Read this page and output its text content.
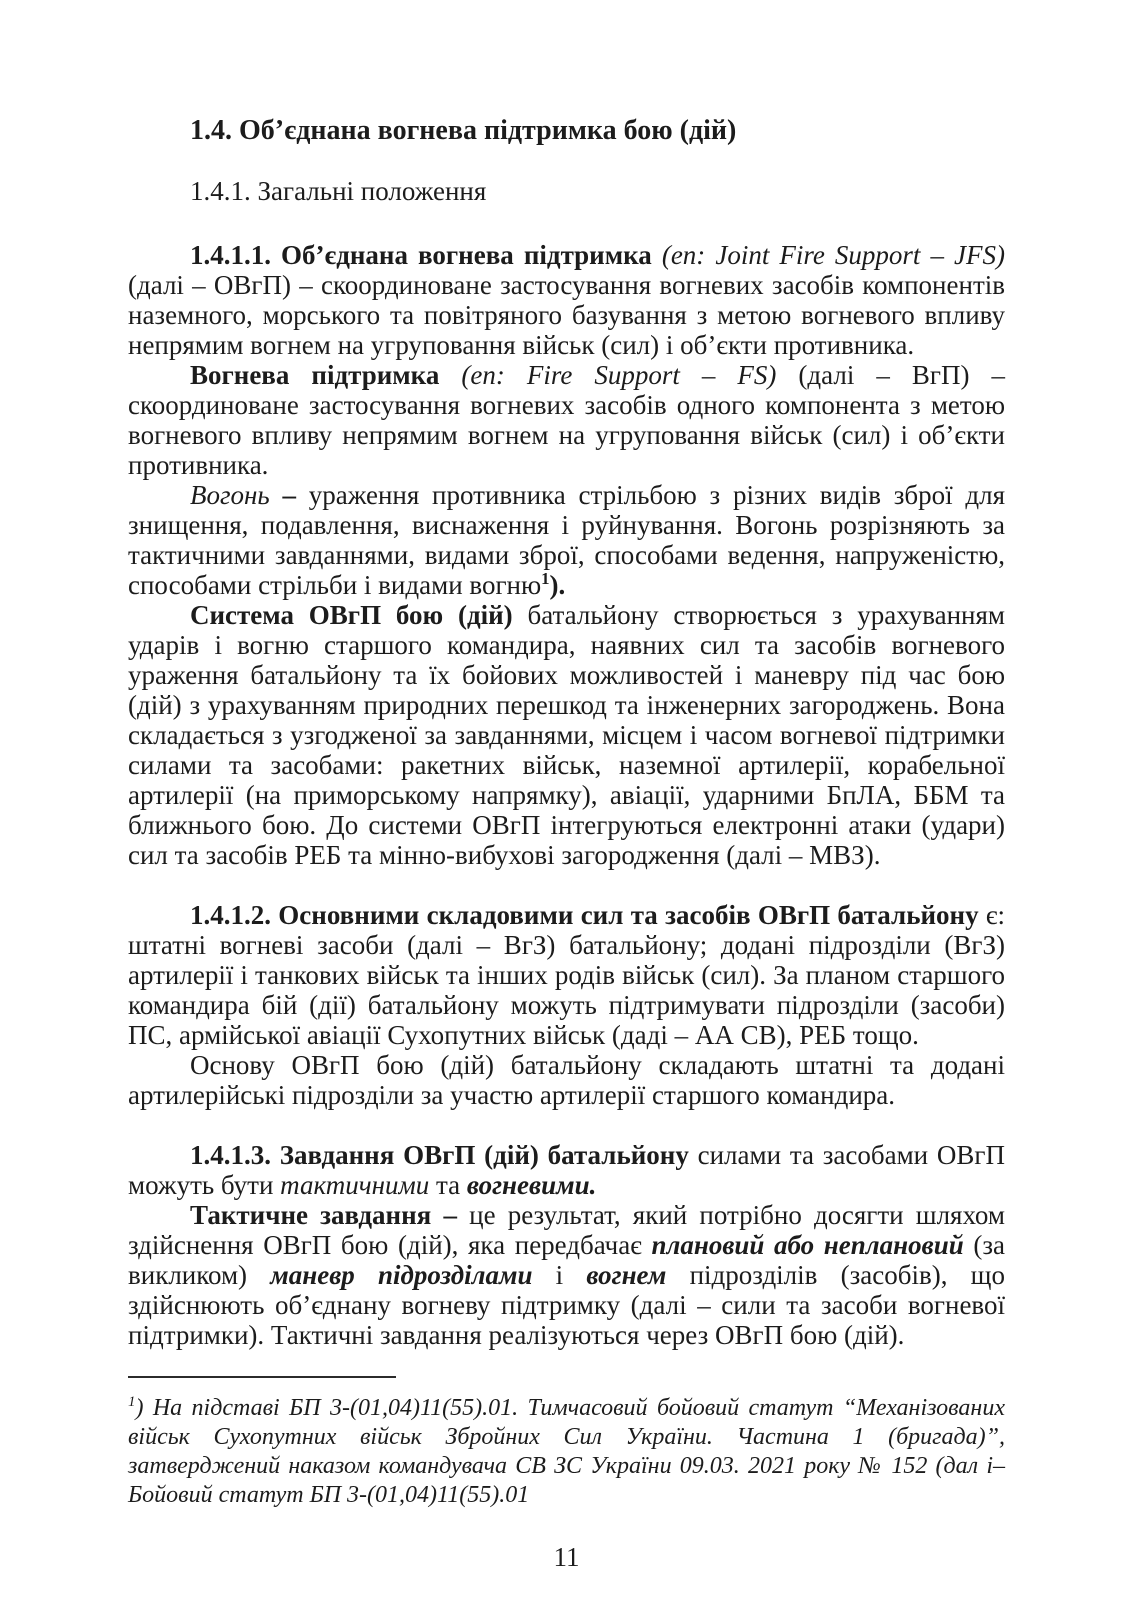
1.4. Об’єднана вогнева підтримка бою (дій)

1.4.1. Загальні положення

1.4.1.1. Об’єднана вогнева підтримка (en: Joint Fire Support – JFS) (далі – ОВгП) – скоординоване застосування вогневих засобів компонентів наземного, морського та повітряного базування з метою вогневого впливу непрямим вогнем на угруповання військ (сил) і об’єкти противника.

Вогнева підтримка (en: Fire Support – FS) (далі – ВгП) – скоординоване застосування вогневих засобів одного компонента з метою вогневого впливу непрямим вогнем на угруповання військ (сил) і об’єкти противника.

Вогонь – ураження противника стрільбою з різних видів зброї для знищення, подавлення, виснаження і руйнування. Вогонь розрізняють за тактичними завданнями, видами зброї, способами ведення, напруженістю, способами стрільби і видами вогню$^1$).

Система ОВгП бою (дій) батальйону створюється з урахуванням ударів і вогню старшого командира, наявних сил та засобів вогневого ураження батальйону та їх бойових можливостей і маневру під час бою (дій) з урахуванням природних перешкод та інженерних загороджень. Вона складається з узгодженої за завданнями, місцем і часом вогневої підтримки силами та засобами: ракетних військ, наземної артилерії, корабельної артилерії (на приморському напрямку), авіації, ударними БпЛА, ББМ та ближнього бою. До системи ОВгП інтегруються електронні атаки (удари) сил та засобів РЕБ та мінно-вибухові загородження (далі – МВЗ).

1.4.1.2. Основними складовими сил та засобів ОВгП батальйону є: штатні вогневі засоби (далі – ВгЗ) батальйону; додані підрозділи (ВгЗ) артилерії і танкових військ та інших родів військ (сил). За планом старшого командира бій (дії) батальйону можуть підтримувати підрозділи (засоби) ПС, армійської авіації Сухопутних військ (даді – АА СВ), РЕБ тощо.

Основу ОВгП бою (дій) батальйону складають штатні та додані артилерійські підрозділи за участю артилерії старшого командира.

1.4.1.3. Завдання ОВгП (дій) батальйону силами та засобами ОВгП можуть бути тактичними та вогневими.

Тактичне завдання – це результат, який потрібно досягти шляхом здійснення ОВгП бою (дій), яка передбачає плановий або неплановий (за викликом) маневр підрозділами і вогнем підрозділів (засобів), що здійснюють об’єднану вогневу підтримку (далі – сили та засоби вогневої підтримки). Тактичні завдання реалізуються через ОВгП бою (дій).

$^1$) На підставі БП 3-(01,04)11(55).01. Тимчасовий бойовий статут “Механізованих військ Сухопутних військ Збройних Сил України. Частина 1 (бригада)”, затверджений наказом командувача СВ ЗС України 09.03. 2021 року № 152 (дал і– Бойовий статут БП 3-(01,04)11(55).01

11
